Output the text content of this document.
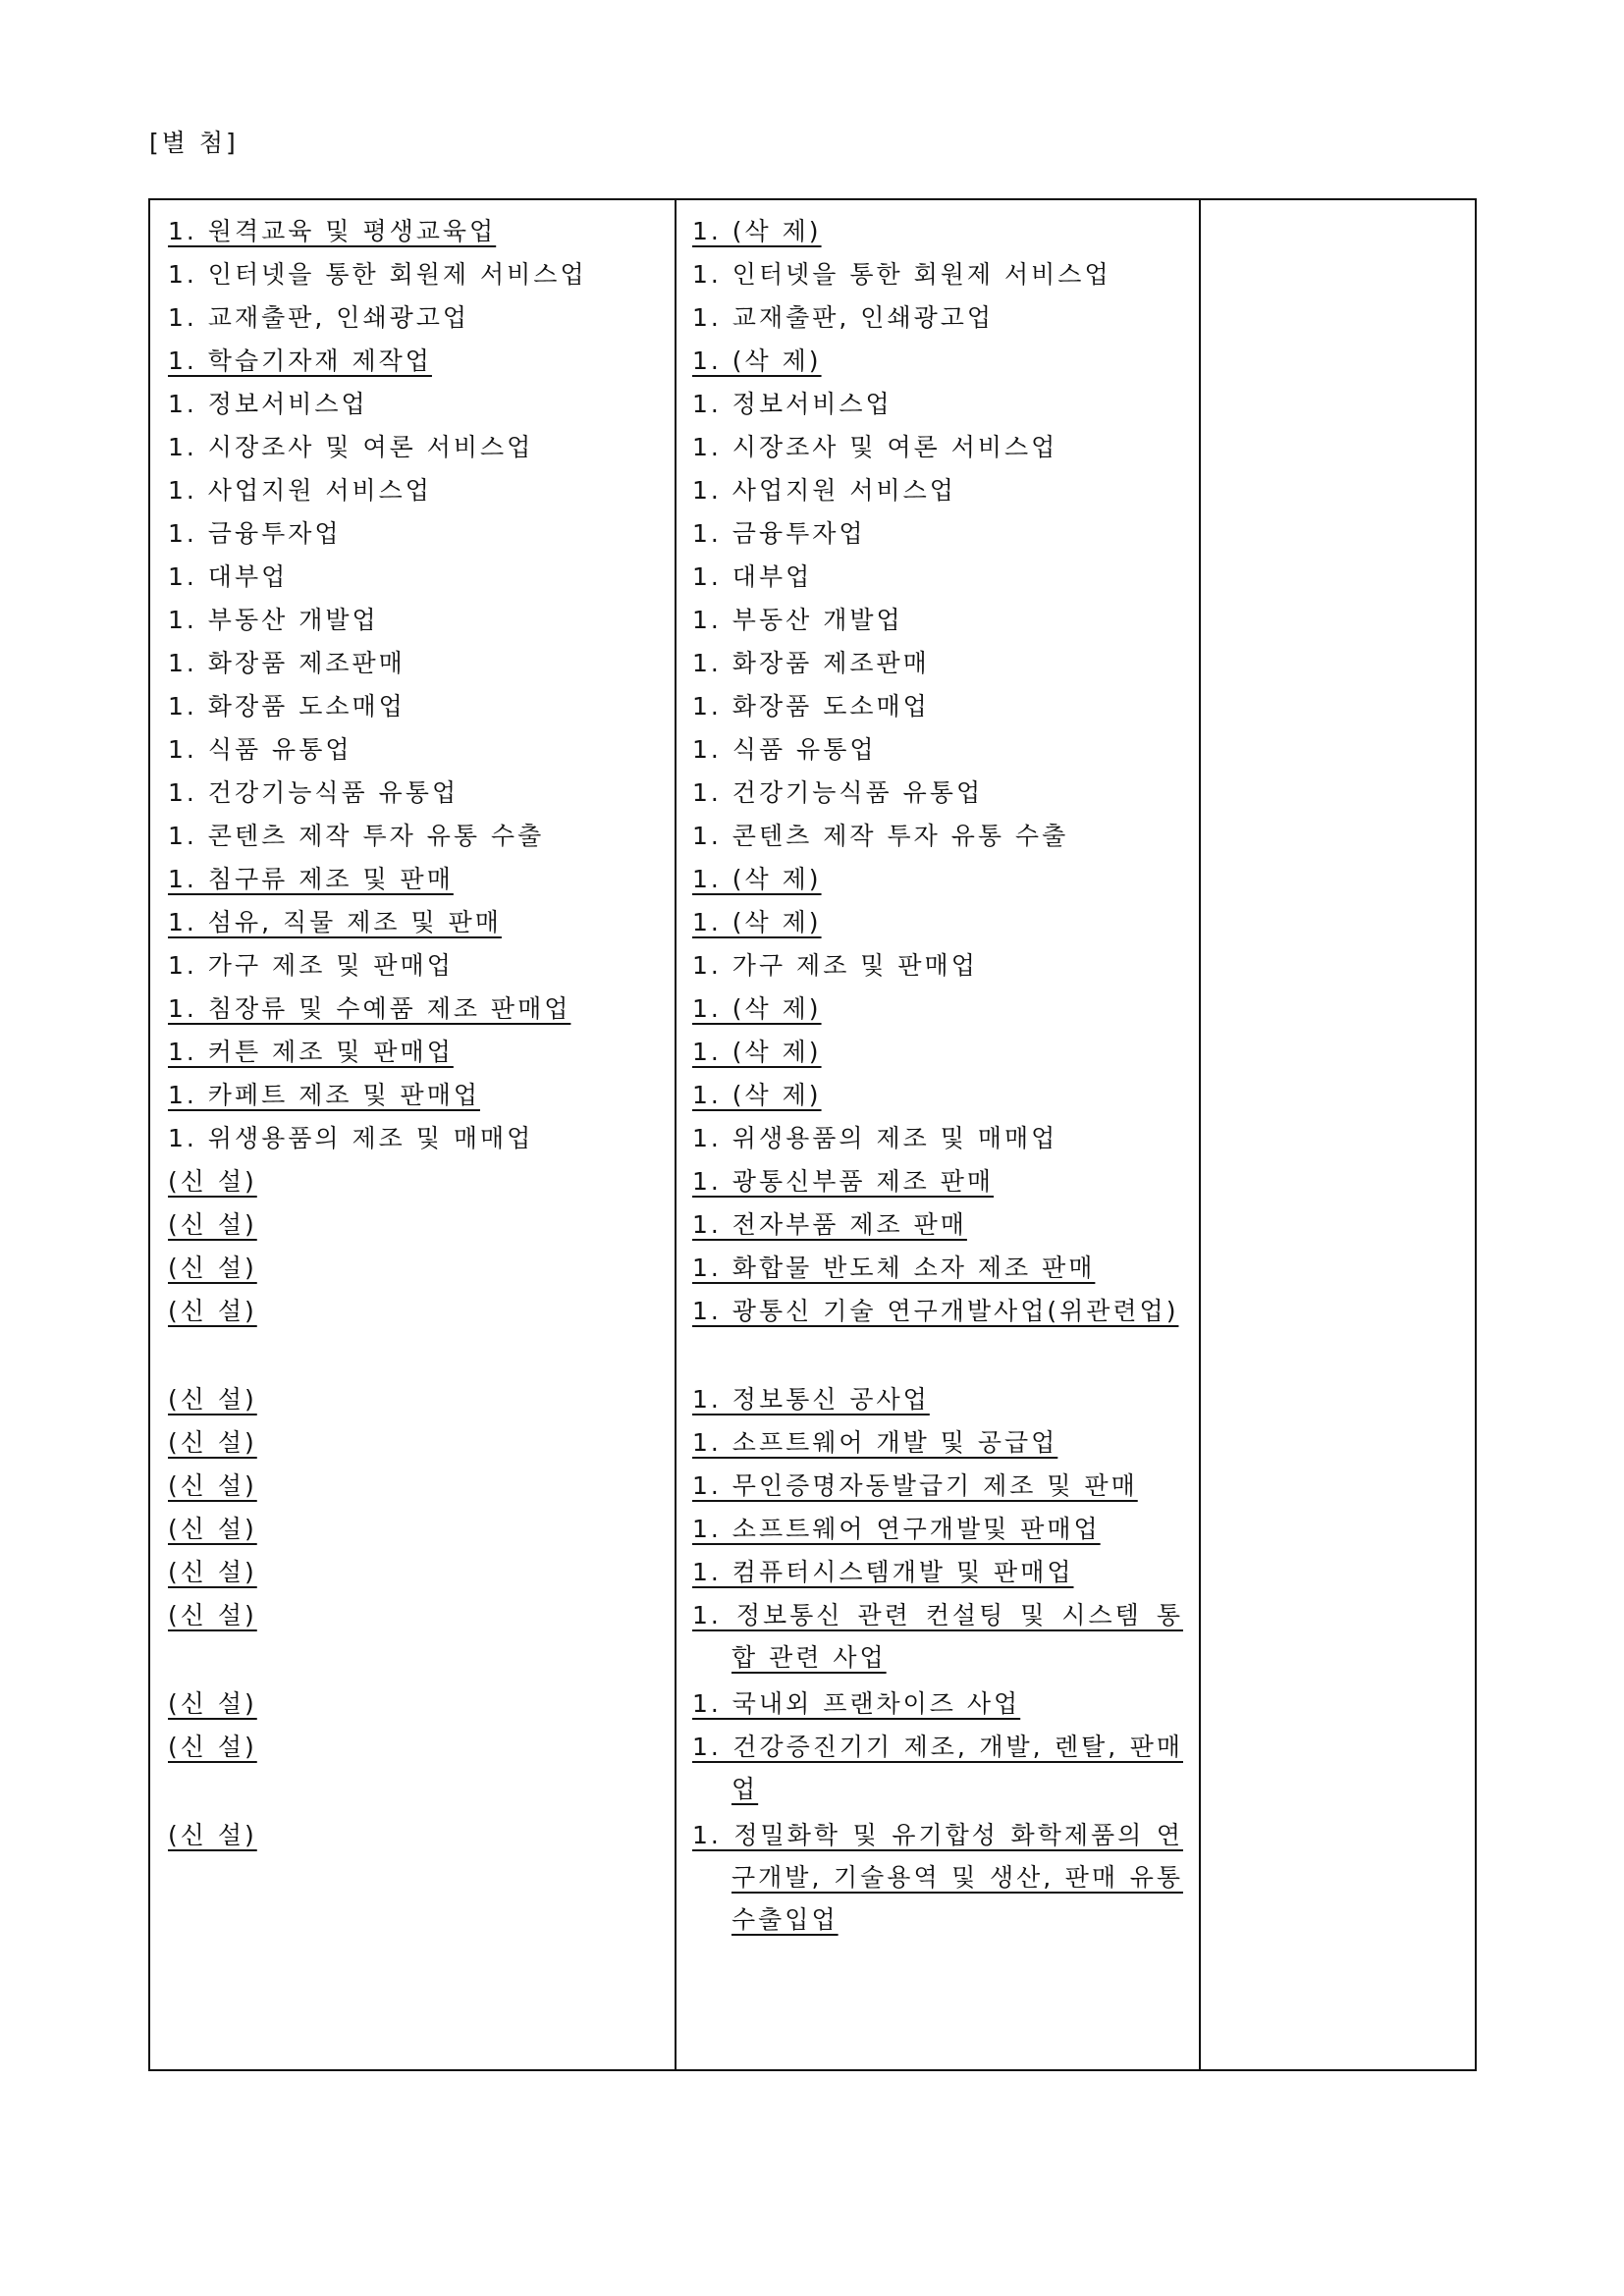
[별 첨]
1. 원격교육 및 평생교육업
1. 인터넷을 통한 회원제 서비스업
1. 교재출판, 인쇄광고업
1. 학습기자재 제작업
1. 정보서비스업
1. 시장조사 및 여론 서비스업
1. 사업지원 서비스업
1. 금융투자업
1. 대부업
1. 부동산 개발업
1. 화장품 제조판매
1. 화장품 도소매업
1. 식품 유통업
1. 건강기능식품 유통업
1. 콘텐츠 제작 투자 유통 수출
1. 침구류 제조 및 판매
1. 섬유, 직물 제조 및 판매
1. 가구 제조 및 판매업
1. 침장류 및 수예품 제조 판매업
1. 커튼 제조 및 판매업
1. 카페트 제조 및 판매업
1. 위생용품의 제조 및 매매업
(신 설)
(신 설)
(신 설)
(신 설)
(신 설)
(신 설)
(신 설)
(신 설)
(신 설)
(신 설)
(신 설)
(신 설)
(신 설)
1. (삭 제)
1. 인터넷을 통한 회원제 서비스업
1. 교재출판, 인쇄광고업
1. (삭 제)
1. 정보서비스업
1. 시장조사 및 여론 서비스업
1. 사업지원 서비스업
1. 금융투자업
1. 대부업
1. 부동산 개발업
1. 화장품 제조판매
1. 화장품 도소매업
1. 식품 유통업
1. 건강기능식품 유통업
1. 콘텐츠 제작 투자 유통 수출
1. (삭 제)
1. (삭 제)
1. 가구 제조 및 판매업
1. (삭 제)
1. (삭 제)
1. (삭 제)
1. 위생용품의 제조 및 매매업
1. 광통신부품 제조 판매
1. 전자부품 제조 판매
1. 화합물 반도체 소자 제조 판매
1. 광통신 기술 연구개발사업(위관련업)
1. 정보통신 공사업
1. 소프트웨어 개발 및 공급업
1. 무인증명자동발급기 제조 및 판매
1. 소프트웨어 연구개발및 판매업
1. 컴퓨터시스템개발 및 판매업
1. 정보통신 관련 컨설팅 및 시스템 통합 관련 사업
1. 국내외 프랜차이즈 사업
1. 건강증진기기 제조, 개발, 렌탈, 판매업
1. 정밀화학 및 유기합성 화학제품의 연구개발, 기술용역 및 생산, 판매 유통 수출입업
